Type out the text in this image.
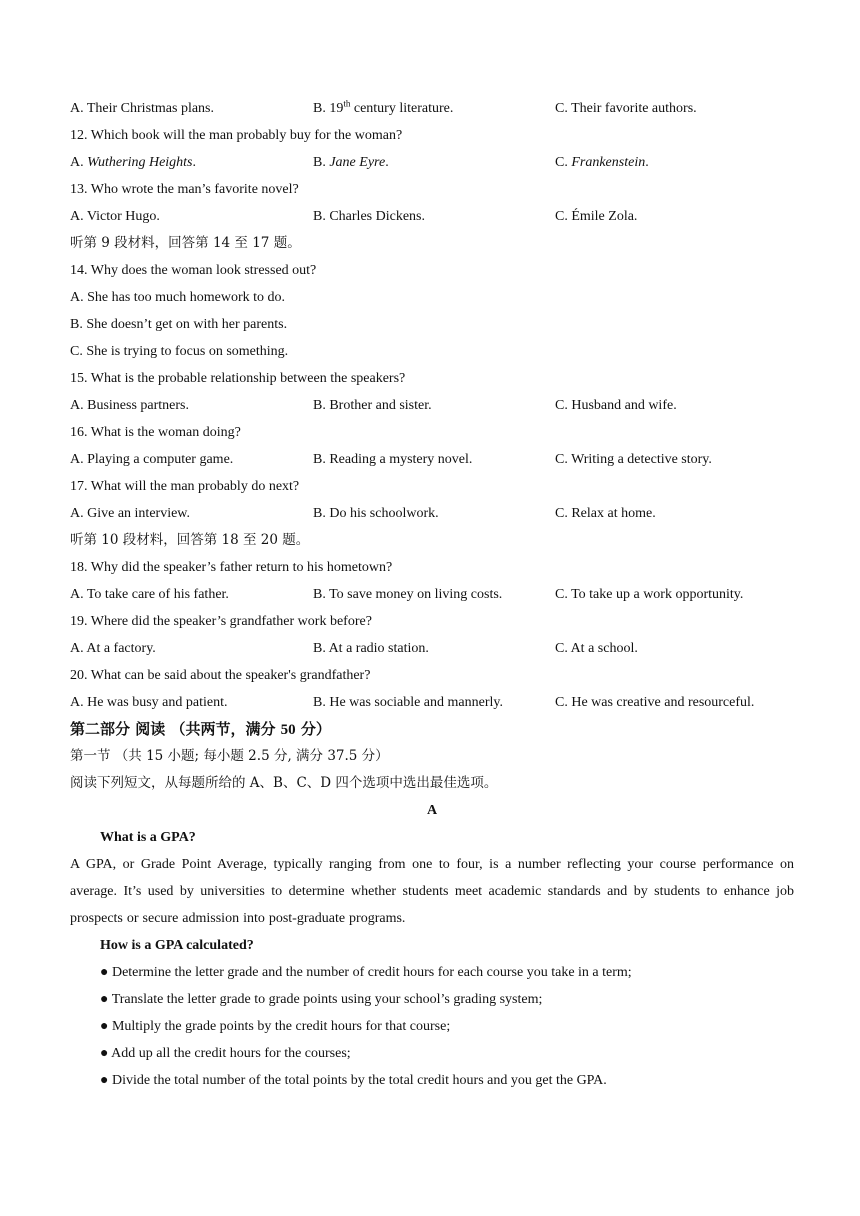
A. Their Christmas plans.	B. 19th century literature.	C. Their favorite authors.
12. Which book will the man probably buy for the woman?
A. Wuthering Heights.	B. Jane Eyre.	C. Frankenstein.
13. Who wrote the man’s favorite novel?
A. Victor Hugo.	B. Charles Dickens.	C. Émile Zola.
听第 9 段材料，回答第 14 至 17 题。
14. Why does the woman look stressed out?
A. She has too much homework to do.
B. She doesn’t get on with her parents.
C. She is trying to focus on something.
15. What is the probable relationship between the speakers?
A. Business partners.	B. Brother and sister.	C. Husband and wife.
16. What is the woman doing?
A. Playing a computer game.	B. Reading a mystery novel.	C. Writing a detective story.
17. What will the man probably do next?
A. Give an interview.	B. Do his schoolwork.	C. Relax at home.
听第 10 段材料，回答第 18 至 20 题。
18. Why did the speaker’s father return to his hometown?
A. To take care of his father.	B. To save money on living costs.	C. To take up a work opportunity.
19. Where did the speaker’s grandfather work before?
A. At a factory.	B. At a radio station.	C. At a school.
20. What can be said about the speaker's grandfather?
A. He was busy and patient.	B. He was sociable and mannerly.	C. He was creative and resourceful.
第二部分 阅读 （共两节，满分 50 分）
第一节 （共 15 小题; 每小题 2.5 分, 满分 37.5 分）
阅读下列短文，从每题所给的 A、B、C、D 四个选项中选出最佳选项。
A
What is a GPA?
A GPA, or Grade Point Average, typically ranging from one to four, is a number reflecting your course performance on average. It’s used by universities to determine whether students meet academic standards and by students to enhance job prospects or secure admission into post-graduate programs.
How is a GPA calculated?
● Determine the letter grade and the number of credit hours for each course you take in a term;
● Translate the letter grade to grade points using your school’s grading system;
● Multiply the grade points by the credit hours for that course;
● Add up all the credit hours for the courses;
● Divide the total number of the total points by the total credit hours and you get the GPA.
